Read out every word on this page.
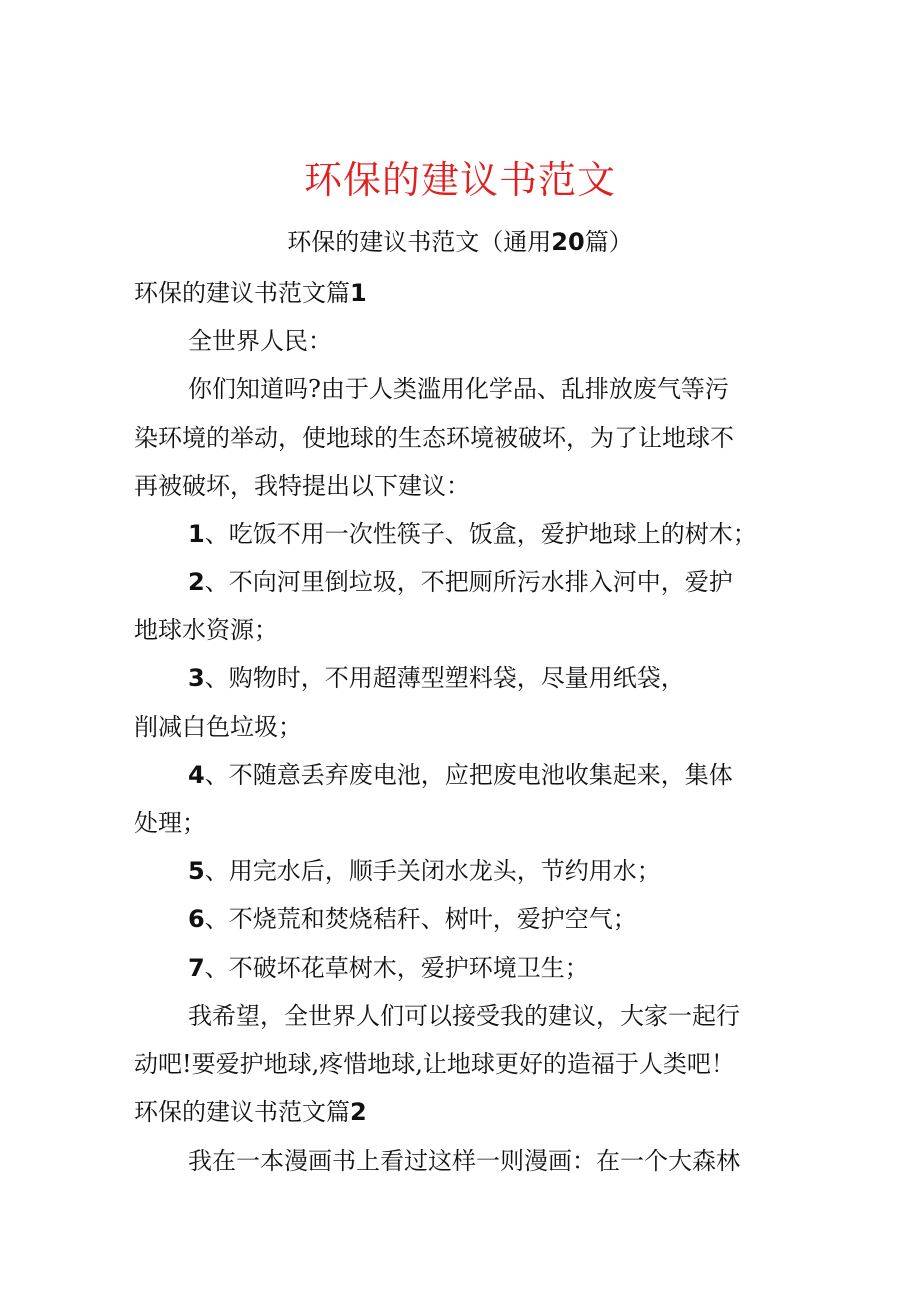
环保的建议书范文
环保的建议书范文（通用20篇）
环保的建议书范文篇1
全世界人民：
你们知道吗?由于人类滥用化学品、乱排放废气等污
染环境的举动，使地球的生态环境被破坏，为了让地球不
再被破坏，我特提出以下建议：
1、吃饭不用一次性筷子、饭盒，爱护地球上的树木；
2、不向河里倒垃圾，不把厕所污水排入河中，爱护
地球水资源；
3、购物时，不用超薄型塑料袋，尽量用纸袋，
削减白色垃圾；
4、不随意丢弃废电池，应把废电池收集起来，集体
处理；
5、用完水后，顺手关闭水龙头，节约用水；
6、不烧荒和焚烧秸秆、树叶，爱护空气；
7、不破坏花草树木，爱护环境卫生；
我希望，全世界人们可以接受我的建议，大家一起行
动吧!要爱护地球,疼惜地球,让地球更好的造福于人类吧！
环保的建议书范文篇2
我在一本漫画书上看过这样一则漫画：在一个大森林
